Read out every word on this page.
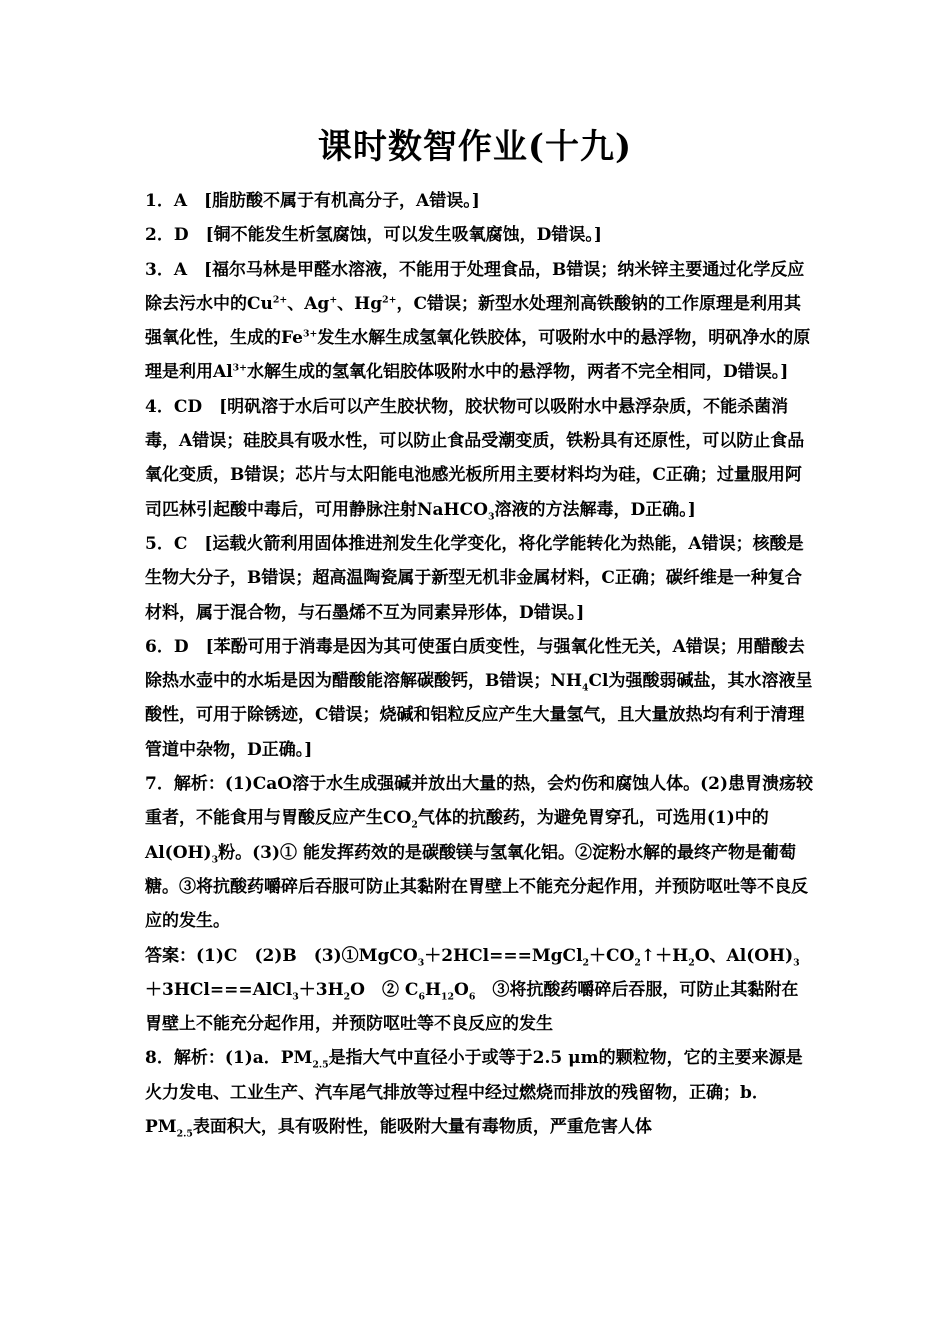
课时数智作业(十九)

1．A　[脂肪酸不属于有机高分子，A错误。]

2．D　[铜不能发生析氢腐蚀，可以发生吸氧腐蚀，D错误。]

3．A　[福尔马林是甲醛水溶液，不能用于处理食品，B错误；纳米锌主要通过化学反应除去污水中的$Cu^{2+}$、Ag+、$Hg^{2+}$，C错误；新型水处理剂高铁酸钠的工作原理是利用其强氧化性，生成的$Fe^{3+}$发生水解生成氢氧化铁胶体，可吸附水中的悬浮物，明矾净水的原理是利用$Al^{3+}$水解生成的氢氧化铝胶体吸附水中的悬浮物，两者不完全相同，D错误。]

4．CD　[明矾溶于水后可以产生胶状物，胶状物可以吸附水中悬浮杂质，不能杀菌消毒，A错误；硅胶具有吸水性，可以防止食品受潮变质，铁粉具有还原性，可以防止食品氧化变质，B错误；芯片与太阳能电池感光板所用主要材料均为硅，C正确；过量服用阿司匹林引起酸中毒后，可用静脉注射NaHCO$_3$溶液的方法解毒，D正确。]

5．C　[运载火箭利用固体推进剂发生化学变化，将化学能转化为热能，A错误；核酸是生物大分子，B错误；超高温陶瓷属于新型无机非金属材料，C正确；碳纤维是一种复合材料，属于混合物，与石墨烯不互为同素异形体，D错误。]

6．D　[苯酚可用于消毒是因为其可使蛋白质变性，与强氧化性无关，A错误；用醋酸去除热水壶中的水垢是因为醋酸能溶解碳酸钙，B错误；$NH_4Cl$为强酸弱碱盐，其水溶液呈酸性，可用于除锈迹，C错误；烧碱和铝粒反应产生大量氢气，且大量放热均有利于清理管道中杂物，D正确。]

7．解析：(1)CaO溶于水生成强碱并放出大量的热，会灼伤和腐蚀人体。(2)患胃溃疡较重者，不能食用与胃酸反应产生$CO_2$气体的抗酸药，为避免胃穿孔，可选用(1)中的$Al(OH)_3$粉。(3)① 能发挥药效的是碳酸镁与氢氧化铝。②淀粉水解的最终产物是葡萄糖。③将抗酸药嚼碎后吞服可防止其黏附在胃壁上不能充分起作用，并预防呕吐等不良反应的发生。

答案：(1)C　(2)B　$(3)①MgCO_3+2HCl===MgCl_2+CO_2↑+H_2O$、$Al(OH)_3+3HCl===AlCl_3+3H_2O$　② $C_6H_{12}O_6$　③将抗酸药嚼碎后吞服，可防止其黏附在胃壁上不能充分起作用，并预防呕吐等不良反应的发生

8．解析：(1)a．$PM_{2.5}$是指大气中直径小于或等于2.5 μm的颗粒物，它的主要来源是火力发电、工业生产、汽车尾气排放等过程中经过燃烧而排放的残留物，正确；b．$PM_{2.5}$表面积大，具有吸附性，能吸附大量有毒物质，严重危害人体
